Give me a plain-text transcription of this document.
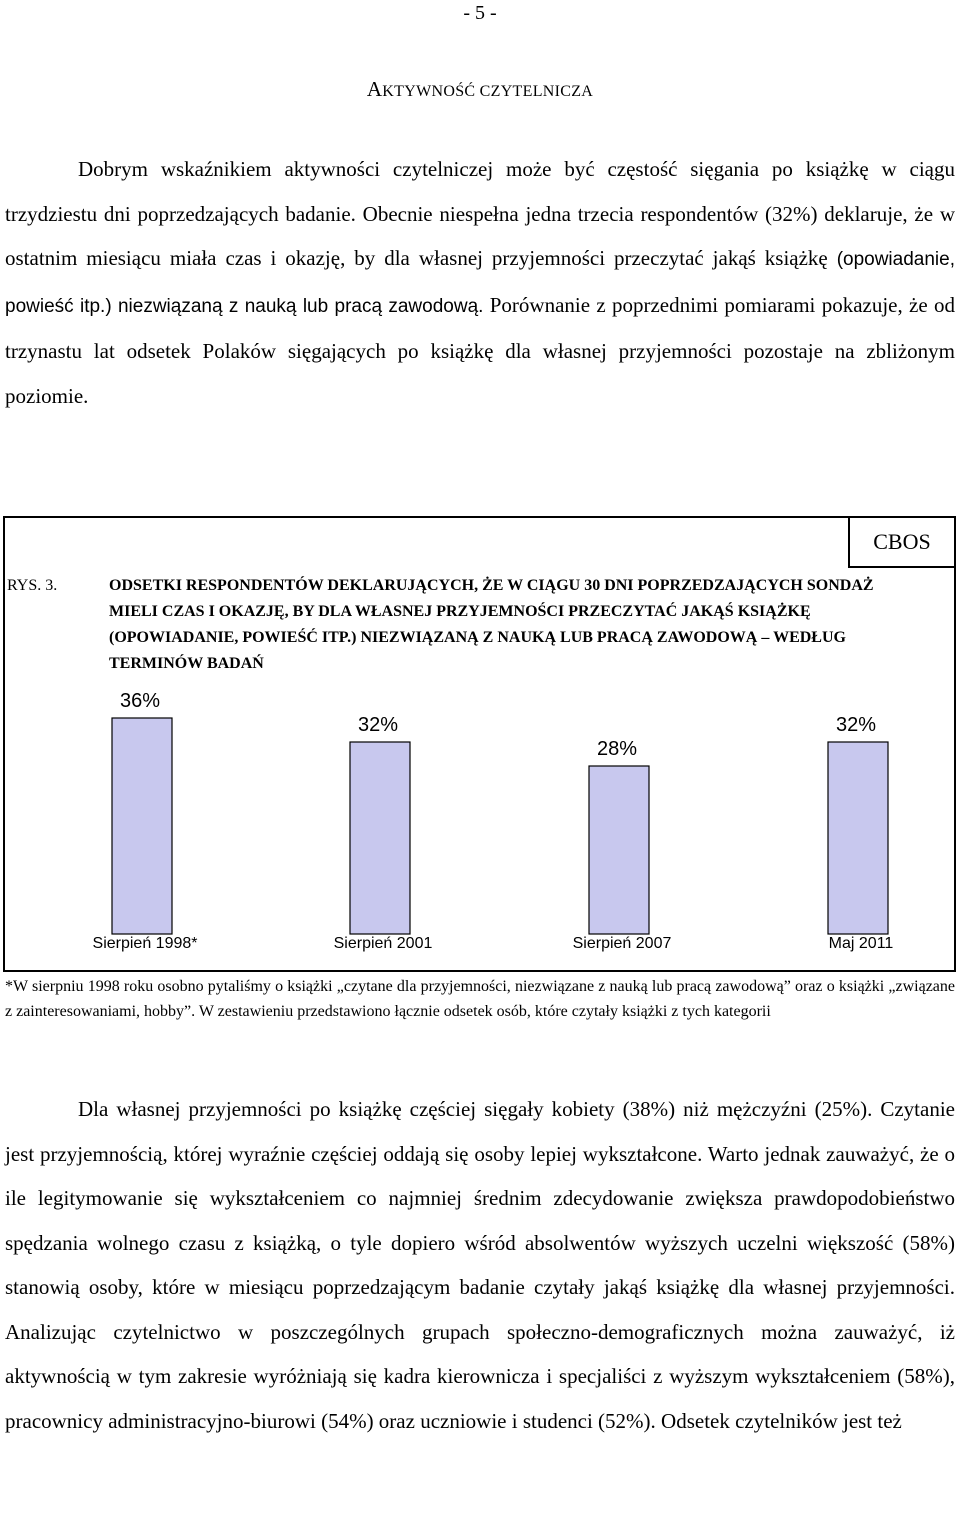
- 5 -
AKTYWNOŚĆ CZYTELNICZA

Dobrym wskaźnikiem aktywności czytelniczej może być częstość sięgania po książkę w ciągu trzydziestu dni poprzedzających badanie. Obecnie niespełna jedna trzecia respondentów (32%) deklaruje, że w ostatnim miesiącu miała czas i okazję, by dla własnej przyjemności przeczytać jakąś książkę (opowiadanie, powieść itp.) niezwiązaną z nauką lub pracą zawodową. Porównanie z poprzednimi pomiarami pokazuje, że od trzynastu lat odsetek Polaków sięgających po książkę dla własnej przyjemności pozostaje na zbliżonym poziomie.

CBOS
RYS. 3.	ODSETKI RESPONDENTÓW DEKLARUJĄCYCH, ŻE W CIĄGU 30 DNI POPRZEDZAJĄCYCH SONDAŻ MIELI CZAS I OKAZJĘ, BY DLA WŁASNEJ PRZYJEMNOŚCI PRZECZYTAĆ JAKĄŚ KSIĄŻKĘ (OPOWIADANIE, POWIEŚĆ ITP.) NIEZWIĄZANĄ Z NAUKĄ LUB PRACĄ ZAWODOWĄ – WEDŁUG TERMINÓW BADAŃ
36%
Sierpień 1998*
32%
Sierpień 2001
28%
Sierpień 2007
32%
Maj 2011

*W sierpniu 1998 roku osobno pytaliśmy o książki „czytane dla przyjemności, niezwiązane z nauką lub pracą zawodową” oraz o książki „związane z zainteresowaniami, hobby”. W zestawieniu przedstawiono łącznie odsetek osób, które czytały książki z tych kategorii

Dla własnej przyjemności po książkę częściej sięgały kobiety (38%) niż mężczyźni (25%). Czytanie jest przyjemnością, której wyraźnie częściej oddają się osoby lepiej wykształcone. Warto jednak zauważyć, że o ile legitymowanie się wykształceniem co najmniej średnim zdecydowanie zwiększa prawdopodobieństwo spędzania wolnego czasu z książką, o tyle dopiero wśród absolwentów wyższych uczelni większość (58%) stanowią osoby, które w miesiącu poprzedzającym badanie czytały jakąś książkę dla własnej przyjemności. Analizując czytelnictwo w poszczególnych grupach społeczno-demograficznych można zauważyć, iż aktywnością w tym zakresie wyróżniają się kadra kierownicza i specjaliści z wyższym wykształceniem (58%), pracownicy administracyjno-biurowi (54%) oraz uczniowie i studenci (52%). Odsetek czytelników jest też
